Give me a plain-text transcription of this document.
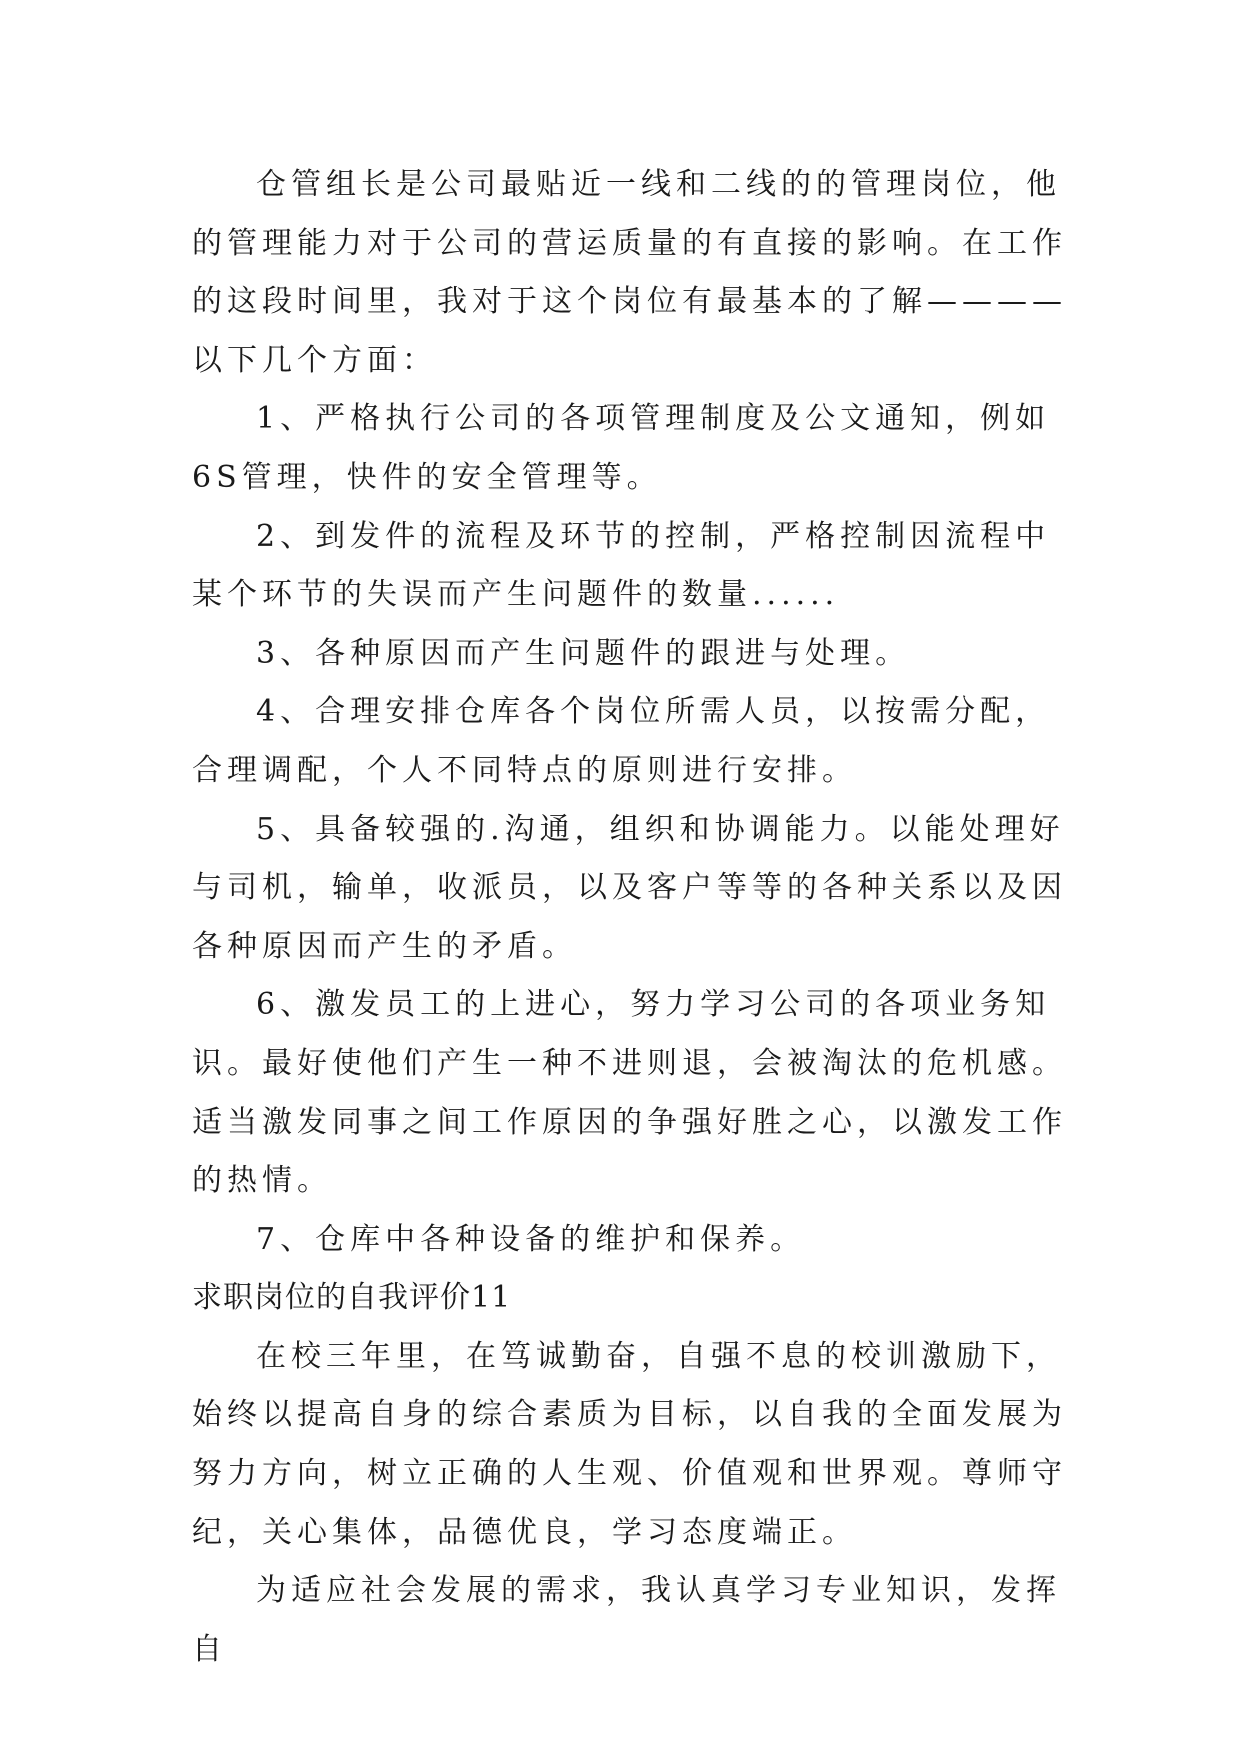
仓管组长是公司最贴近一线和二线的的管理岗位，他的管理能力对于公司的营运质量的有直接的影响。在工作的这段时间里，我对于这个岗位有最基本的了解————以下几个方面：

1、严格执行公司的各项管理制度及公文通知，例如6S管理，快件的安全管理等。

2、到发件的流程及环节的控制，严格控制因流程中某个环节的失误而产生问题件的数量......

3、各种原因而产生问题件的跟进与处理。

4、合理安排仓库各个岗位所需人员，以按需分配，合理调配，个人不同特点的原则进行安排。

5、具备较强的.沟通，组织和协调能力。以能处理好与司机，输单，收派员，以及客户等等的各种关系以及因各种原因而产生的矛盾。

6、激发员工的上进心，努力学习公司的各项业务知识。最好使他们产生一种不进则退，会被淘汰的危机感。适当激发同事之间工作原因的争强好胜之心，以激发工作的热情。

7、仓库中各种设备的维护和保养。

求职岗位的自我评价11

在校三年里，在笃诚勤奋，自强不息的校训激励下，始终以提高自身的综合素质为目标，以自我的全面发展为努力方向，树立正确的人生观、价值观和世界观。尊师守纪，关心集体，品德优良，学习态度端正。

为适应社会发展的需求，我认真学习专业知识，发挥自
